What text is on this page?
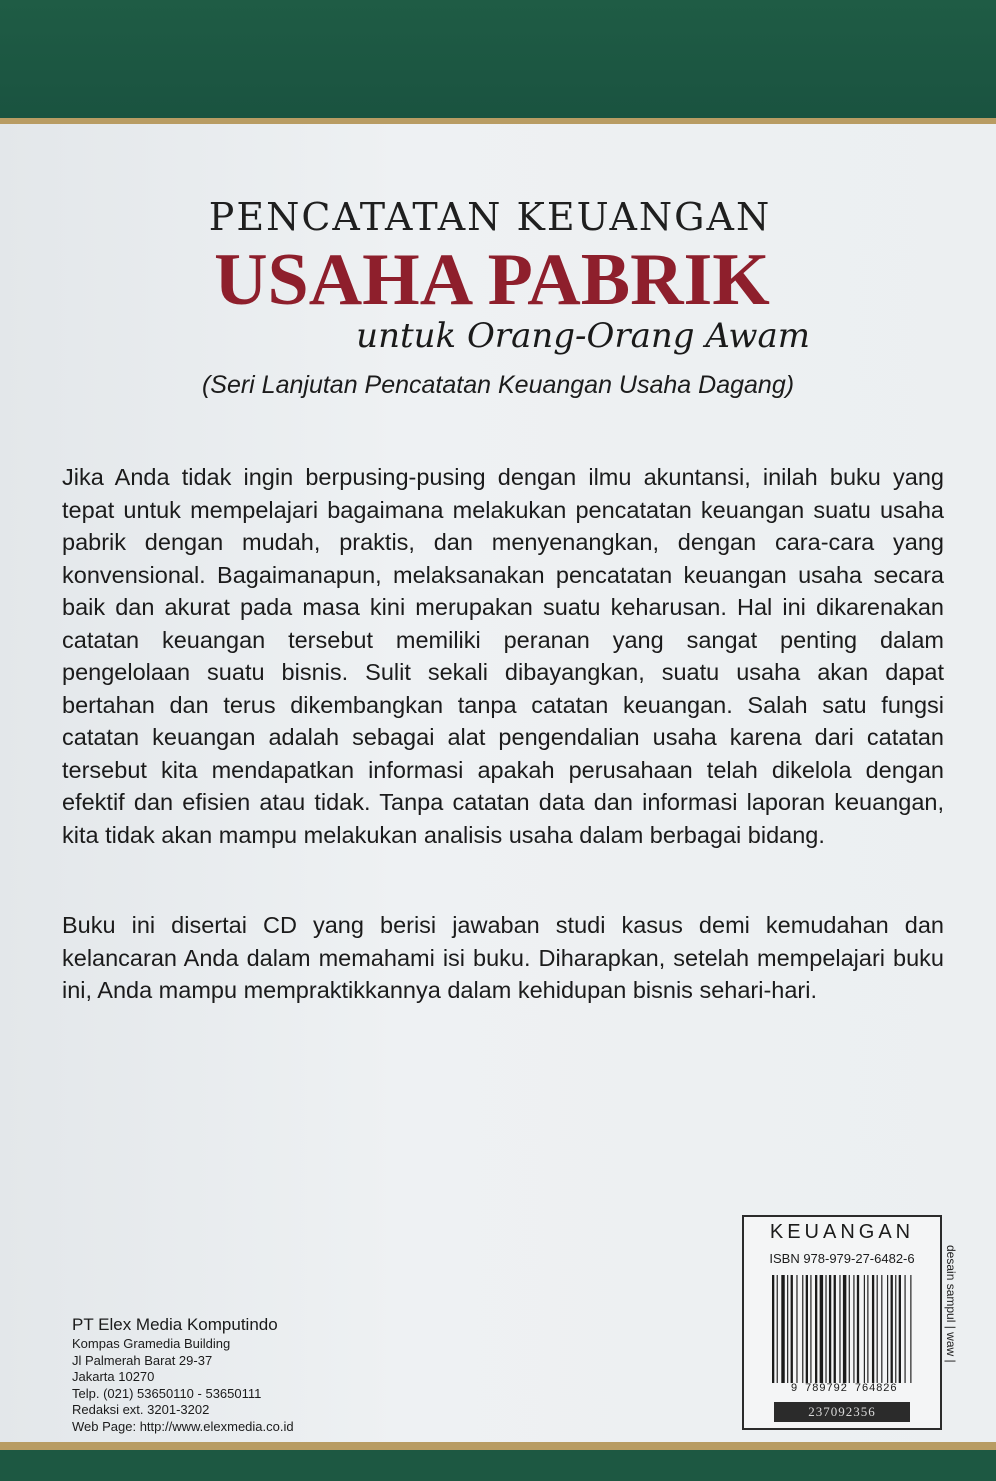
PENCATATAN KEUANGAN
USAHA PABRIK
untuk Orang-Orang Awam
(Seri Lanjutan Pencatatan Keuangan Usaha Dagang)

Jika Anda tidak ingin berpusing-pusing dengan ilmu akuntansi, inilah buku yang tepat untuk mempelajari bagaimana melakukan pencatatan keuangan suatu usaha pabrik dengan mudah, praktis, dan menyenangkan, dengan cara-cara yang konvensional. Bagaimanapun, melaksanakan pencatatan keuangan usaha secara baik dan akurat pada masa kini merupakan suatu keharusan. Hal ini dikarenakan catatan keuangan tersebut memiliki peranan yang sangat penting dalam pengelolaan suatu bisnis. Sulit sekali dibayangkan, suatu usaha akan dapat bertahan dan terus dikembangkan tanpa catatan keuangan. Salah satu fungsi catatan keuangan adalah sebagai alat pengendalian usaha karena dari catatan tersebut kita mendapatkan informasi apakah perusahaan telah dikelola dengan efektif dan efisien atau tidak. Tanpa catatan data dan informasi laporan keuangan, kita tidak akan mampu melakukan analisis usaha dalam berbagai bidang.

Buku ini disertai CD yang berisi jawaban studi kasus demi kemudahan dan kelancaran Anda dalam memahami isi buku. Diharapkan, setelah mempelajari buku ini, Anda mampu mempraktikkannya dalam kehidupan bisnis sehari-hari.

PT Elex Media Komputindo
Kompas Gramedia Building
Jl Palmerah Barat 29-37
Jakarta 10270
Telp. (021) 53650110 - 53650111
Redaksi ext. 3201-3202
Web Page: http://www.elexmedia.co.id
KEUANGAN
ISBN 978-979-27-6482-6
9 789792 764826
237092356
desain sampul | waw |
